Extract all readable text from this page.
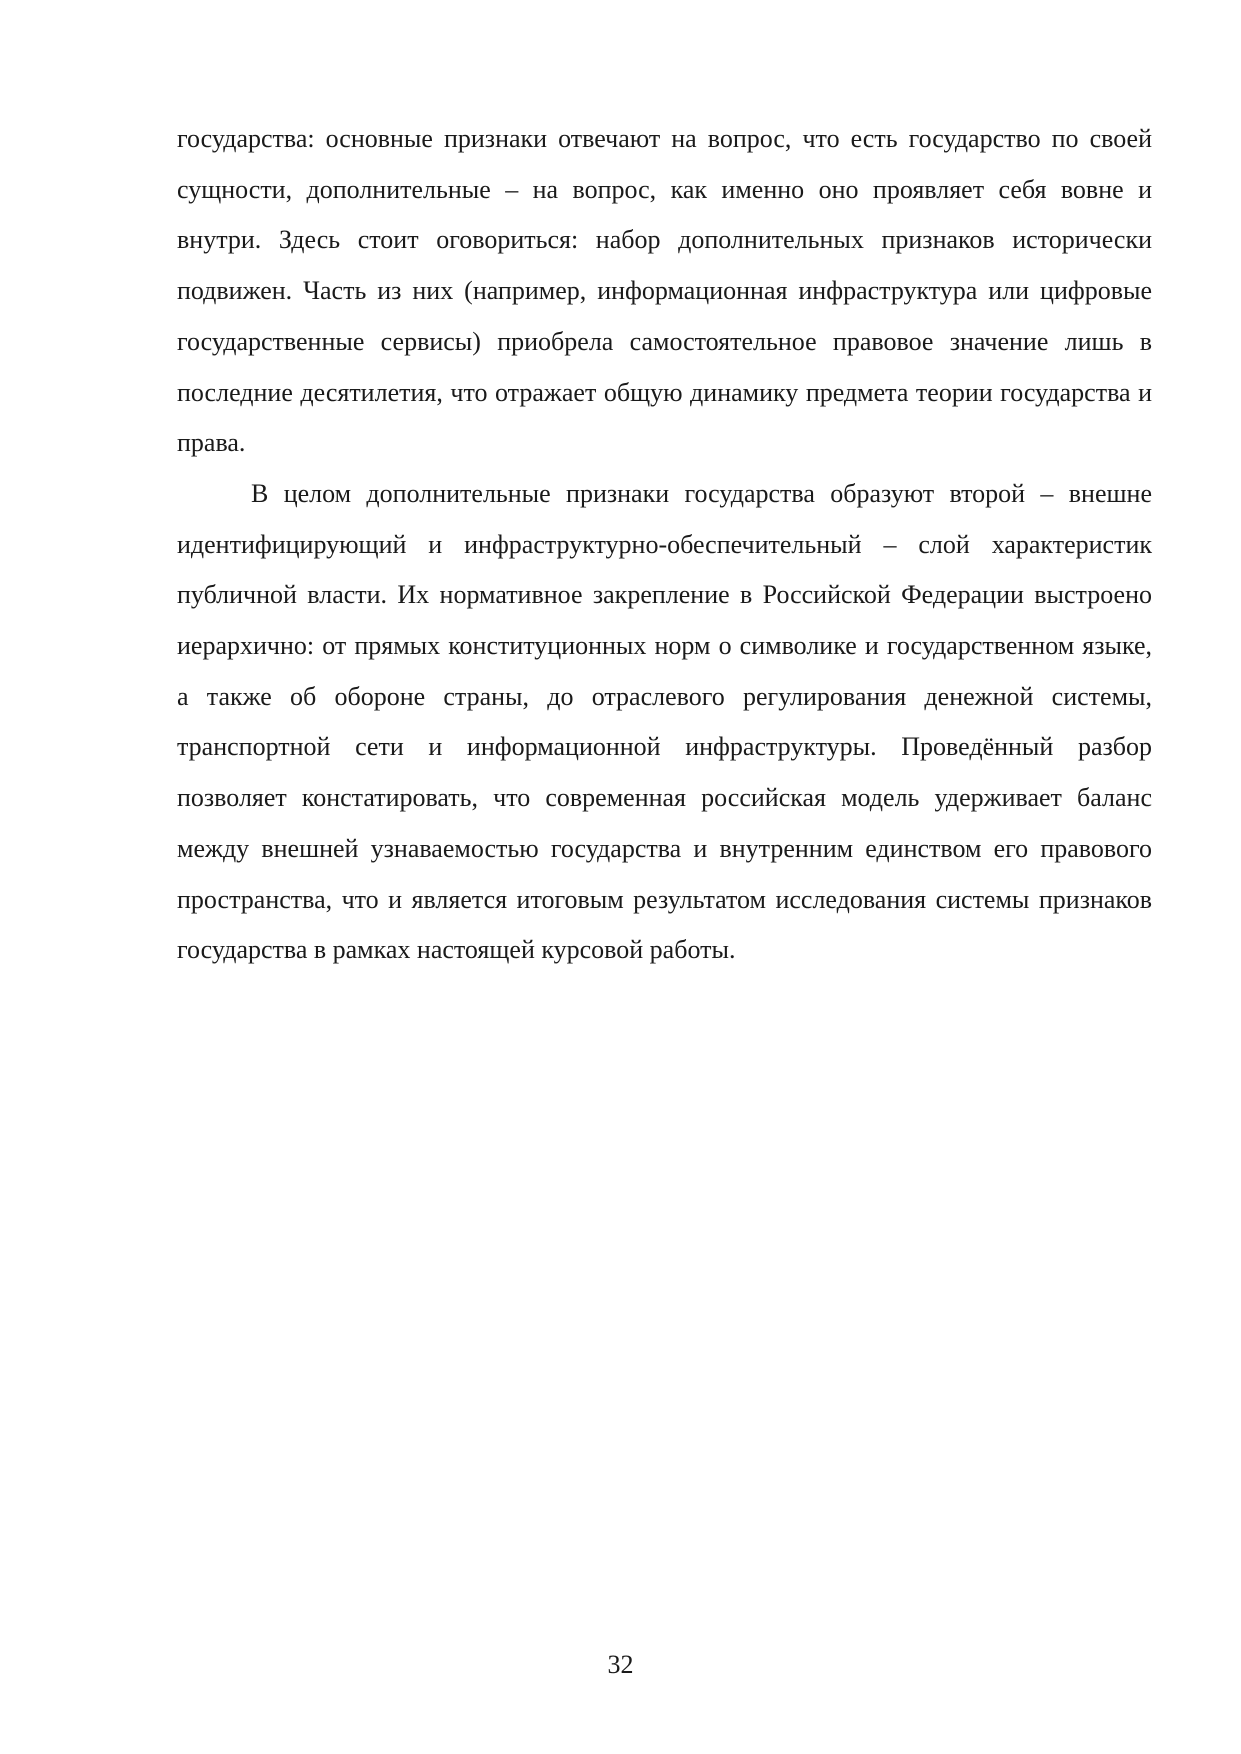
государства: основные признаки отвечают на вопрос, что есть государство по своей сущности, дополнительные – на вопрос, как именно оно проявляет себя вовне и внутри. Здесь стоит оговориться: набор дополнительных признаков исторически подвижен. Часть из них (например, информационная инфраструктура или цифровые государственные сервисы) приобрела самостоятельное правовое значение лишь в последние десятилетия, что отражает общую динамику предмета теории государства и права.

В целом дополнительные признаки государства образуют второй – внешне идентифицирующий и инфраструктурно-обеспечительный – слой характеристик публичной власти. Их нормативное закрепление в Российской Федерации выстроено иерархично: от прямых конституционных норм о символике и государственном языке, а также об обороне страны, до отраслевого регулирования денежной системы, транспортной сети и информационной инфраструктуры. Проведённый разбор позволяет констатировать, что современная российская модель удерживает баланс между внешней узнаваемостью государства и внутренним единством его правового пространства, что и является итоговым результатом исследования системы признаков государства в рамках настоящей курсовой работы.

32
